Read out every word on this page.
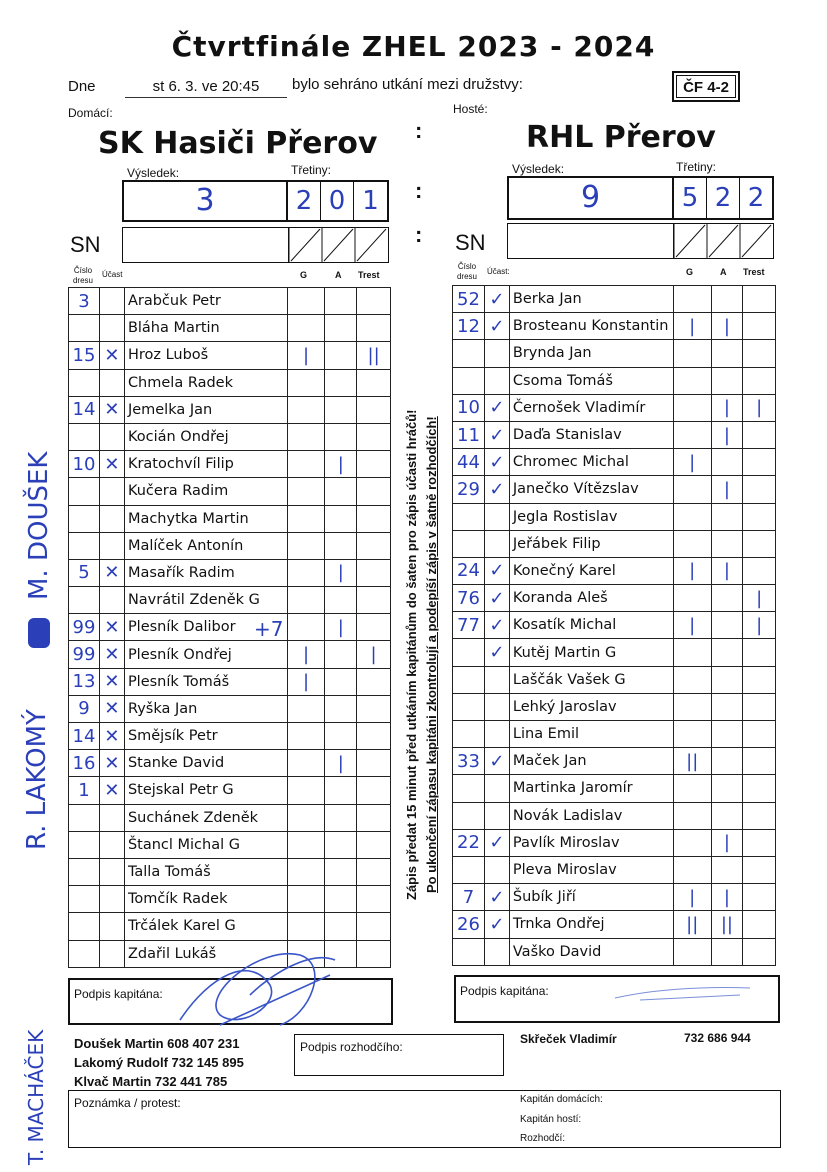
Čtvrtfinále ZHEL 2023 - 2024
Dne	st 6. 3. ve 20:45	bylo sehráno utkání mezi družstvy:	ČF 4-2
Domácí:	Hosté:
SK Hasiči Přerov	RHL Přerov
:
:
:
Výsledek:	Třetiny:
3	2 0 1
Výsledek:	Třetiny:
9	5 2 2
SN	SN
Číslo dresu
Účast	G	A Trest
Číslo dresu
Účast:	G	A Trest
3		Arabčuk Petr			
		Bláha Martin			
15	✕	Hroz Luboš	|		||
		Chmela Radek			
14	✕	Jemelka Jan			
		Kocián Ondřej			
10	✕	Kratochvíl Filip		|	
		Kučera Radim			
		Machytka Martin			
		Malíček Antonín			
5	✕	Masařík Radim		|	
		Navrátil Zdeněk G			
99	✕	Plesník Dalibor		|	
99	✕	Plesník Ondřej	|		|
13	✕	Plesník Tomáš	|		
9	✕	Ryška Jan			
14	✕	Smějsík Petr			
16	✕	Stanke David		|	
1	✕	Stejskal Petr G			
		Suchánek Zdeněk			
		Štancl Michal G			
		Talla Tomáš			
		Tomčík Radek			
		Trčálek Karel G			
		Zdařil Lukáš			
52	✓	Berka Jan			
12	✓	Brosteanu Konstantin	|	|	
		Brynda Jan			
		Csoma Tomáš			
10	✓	Černošek Vladimír		|	|
11	✓	Daďa Stanislav		|	
44	✓	Chromec Michal	|		
29	✓	Janečko Vítězslav		|	
		Jegla Rostislav			
		Jeřábek Filip			
24	✓	Konečný Karel	|	|	
76	✓	Koranda Aleš			|
77	✓	Kosatík Michal	|		|
	✓	Kutěj Martin G			
		Laščák Vašek G			
		Lehký Jaroslav			
		Lina Emil			
33	✓	Maček Jan	||		
		Martinka Jaromír			
		Novák Ladislav			
22	✓	Pavlík Miroslav		|	
		Pleva Miroslav			
7	✓	Šubík Jiří	|	|	
26	✓	Trnka Ondřej	||	||	
		Vaško David			
+7	Zápis předat 15 minut před utkáním kapitánům do šaten pro zápis účasti hráčů! Po ukončení zápasu kapitáni zkontrolují a podepíší zápis v šatně rozhodčích!
Podpis kapitána:	Podpis kapitána:
Doušek Martin 608 407 231
Lakomý Rudolf 732 145 895
Klvač Martin 732 441 785
Podpis rozhodčího:
Skřeček Vladimír	732 686 944
Poznámka / protest:	Kapitán domácích:
Kapitán hostí:
Rozhodčí:
M. DOUŠEK
R. LAKOMÝ
T. MACHÁČEK
